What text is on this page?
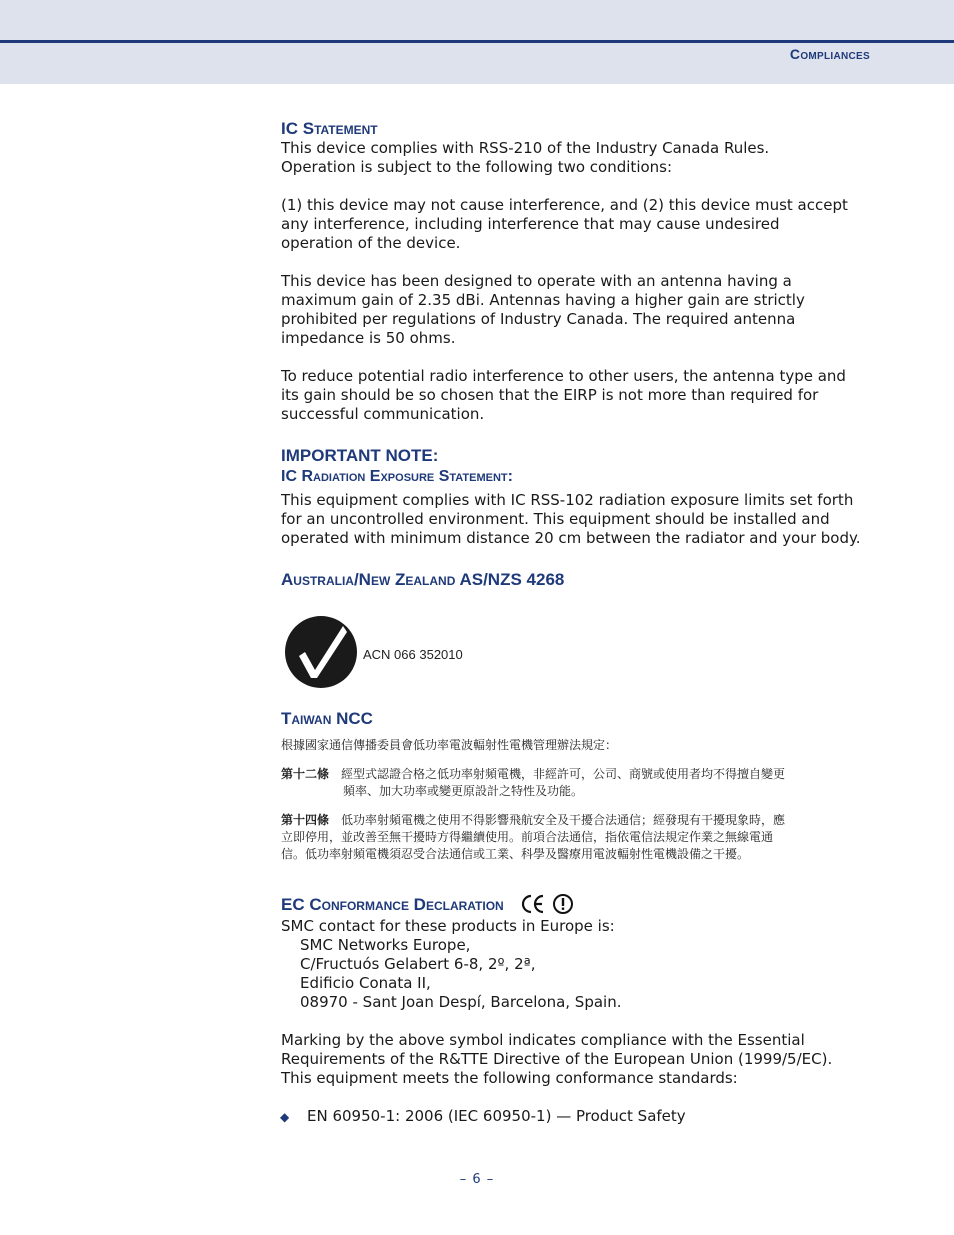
Compliances
IC Statement

This device complies with RSS-210 of the Industry Canada Rules.

Operation is subject to the following two conditions:

(1) this device may not cause interference, and (2) this device must accept

any interference, including interference that may cause undesired

operation of the device.

This device has been designed to operate with an antenna having a

maximum gain of 2.35 dBi. Antennas having a higher gain are strictly

prohibited per regulations of Industry Canada. The required antenna

impedance is 50 ohms.

To reduce potential radio interference to other users, the antenna type and

its gain should be so chosen that the EIRP is not more than required for

successful communication.

IMPORTANT NOTE:
IC Radiation Exposure Statement:

This equipment complies with IC RSS-102 radiation exposure limits set forth

for an uncontrolled environment. This equipment should be installed and

operated with minimum distance 20 cm between the radiator and your body.

Australia/New Zealand AS/NZS 4268
ACN 066 352010
Taiwan NCC
根據國家通信傳播委員會低功率電波輻射性電機管理辦法規定：
第十二條 經型式認證合格之低功率射頻電機，非經許可，公司、商號或使用者均不得擅自變更
頻率、加大功率或變更原設計之特性及功能。
第十四條 低功率射頻電機之使用不得影響飛航安全及干擾合法通信；經發現有干擾現象時，應
立即停用，並改善至無干擾時方得繼續使用。前項合法通信，指依電信法規定作業之無線電通
信。低功率射頻電機須忍受合法通信或工業、科學及醫療用電波輻射性電機設備之干擾。
EC Conformance Declaration

SMC contact for these products in Europe is:

SMC Networks Europe,

C/Fructuós Gelabert 6-8, 2º, 2ª,

Edificio Conata II,

08970 - Sant Joan Despí, Barcelona, Spain.

Marking by the above symbol indicates compliance with the Essential

Requirements of the R&TTE Directive of the European Union (1999/5/EC).

This equipment meets the following conformance standards:

◆	EN 60950-1: 2006 (IEC 60950-1) — Product Safety
– 6 –
